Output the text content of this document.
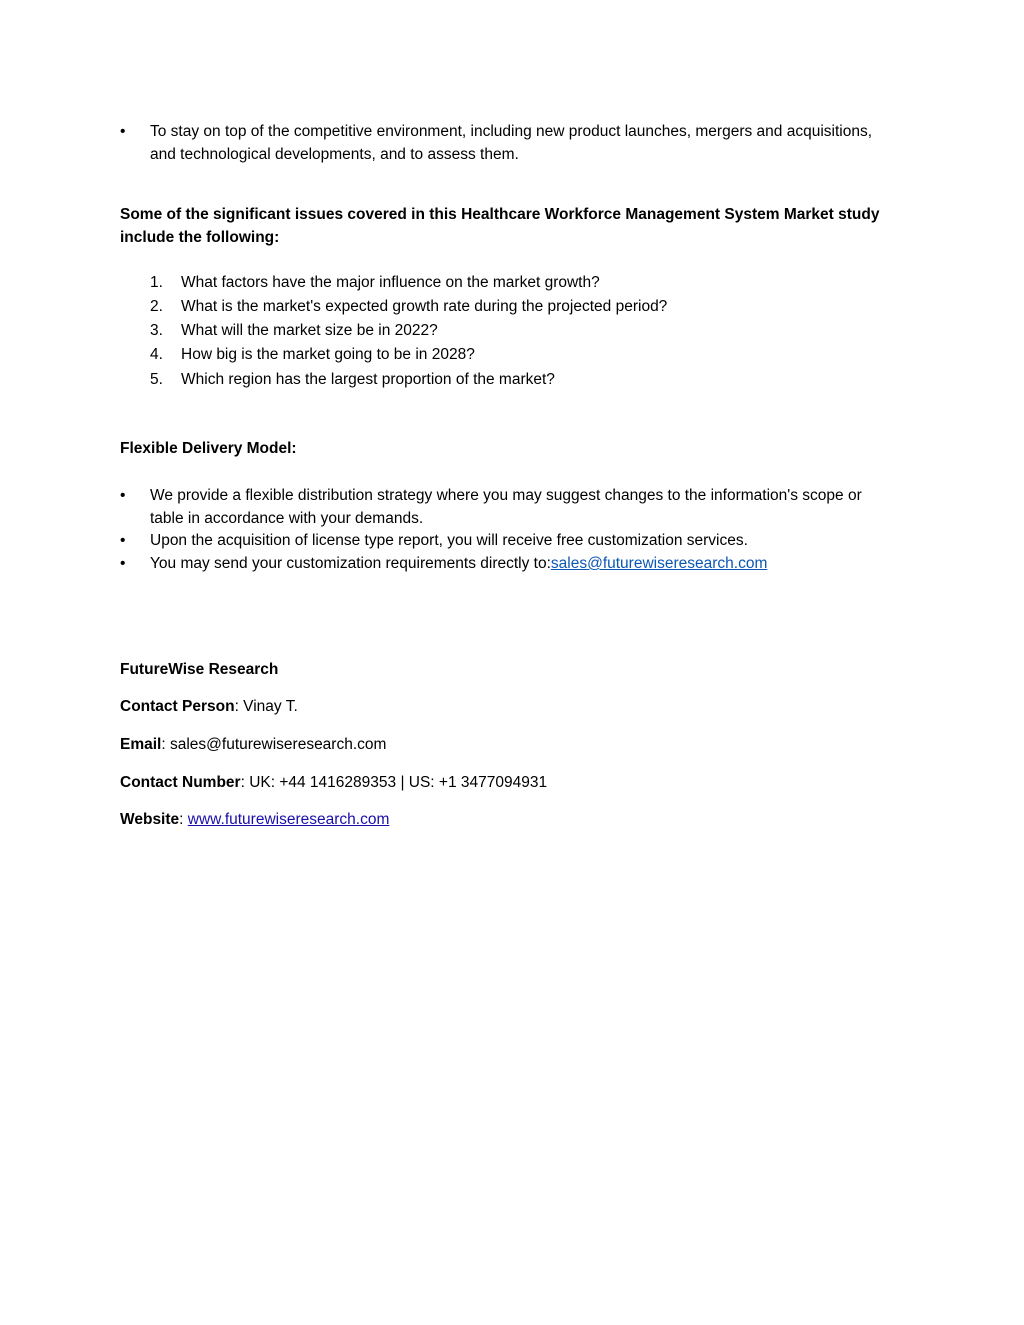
•	To stay on top of the competitive environment, including new product launches, mergers and acquisitions, and technological developments, and to assess them.
Some of the significant issues covered in this Healthcare Workforce Management System Market study include the following:
1.	What factors have the major influence on the market growth?
2.	What is the market's expected growth rate during the projected period?
3.	What will the market size be in 2022?
4.	How big is the market going to be in 2028?
5.	Which region has the largest proportion of the market?
Flexible Delivery Model:
•	We provide a flexible distribution strategy where you may suggest changes to the information's scope or table in accordance with your demands.
•	Upon the acquisition of license type report, you will receive free customization services.
•	You may send your customization requirements directly to:sales@futurewiseresearch.com
FutureWise Research
Contact Person: Vinay T.
Email: sales@futurewiseresearch.com
Contact Number: UK: +44 1416289353 | US: +1 3477094931
Website: www.futurewiseresearch.com
